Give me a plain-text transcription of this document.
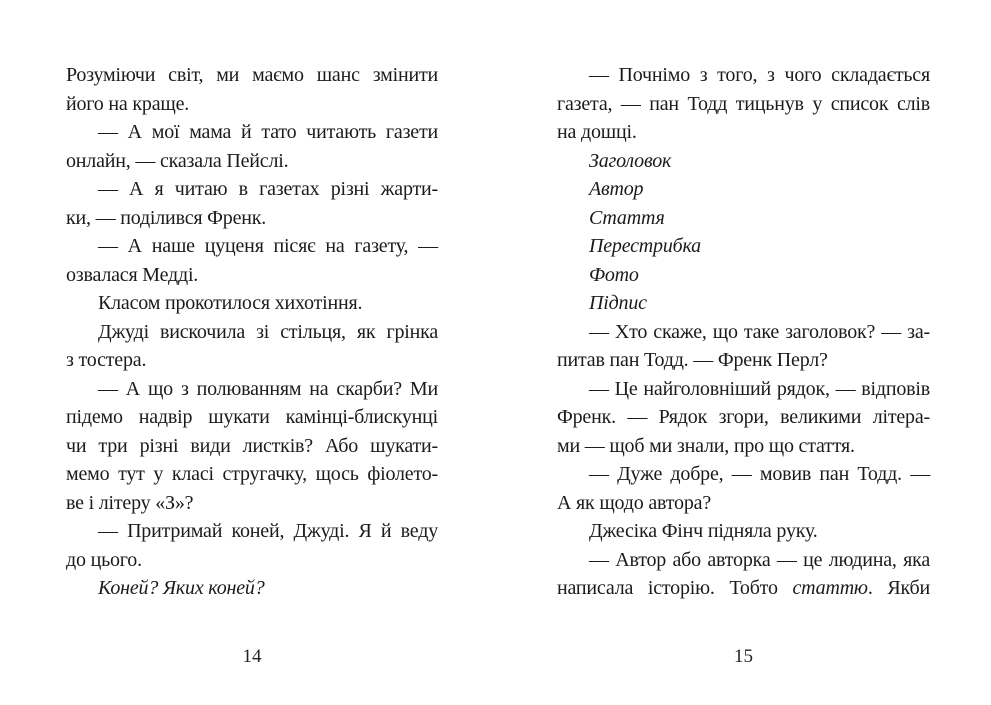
Розуміючи світ, ми маємо шанс змінити
його на краще.
— А мої мама й тато читають газети
онлайн, — сказала Пейслі.
— А я читаю в газетах різні жарти-
ки, — поділився Френк.
— А наше цуценя пісяє на газету, —
озвалася Медді.
Класом прокотилося хихотіння.
Джуді вискочила зі стільця, як грінка
з тостера.
— А що з полюванням на скарби? Ми
підемо надвір шукати камінці-блискунці
чи три різні види листків? Або шукати-
мемо тут у класі стругачку, щось фіолето-
ве і літеру «З»?
— Притримай коней, Джуді. Я й веду
до цього.
Коней? Яких коней?
— Почнімо з того, з чого складається
газета, — пан Тодд тицьнув у список слів
на дошці.
Заголовок
Автор
Стаття
Перестрибка
Фото
Підпис
— Хто скаже, що таке заголовок? — за-
питав пан Тодд. — Френк Перл?
— Це найголовніший рядок, — відповів
Френк. — Рядок згори, великими літера-
ми — щоб ми знали, про що стаття.
— Дуже добре, — мовив пан Тодд. —
А як щодо автора?
Джесіка Фінч підняла руку.
— Автор або авторка — це людина, яка
написала історію. Тобто статтю. Якби
14	15
